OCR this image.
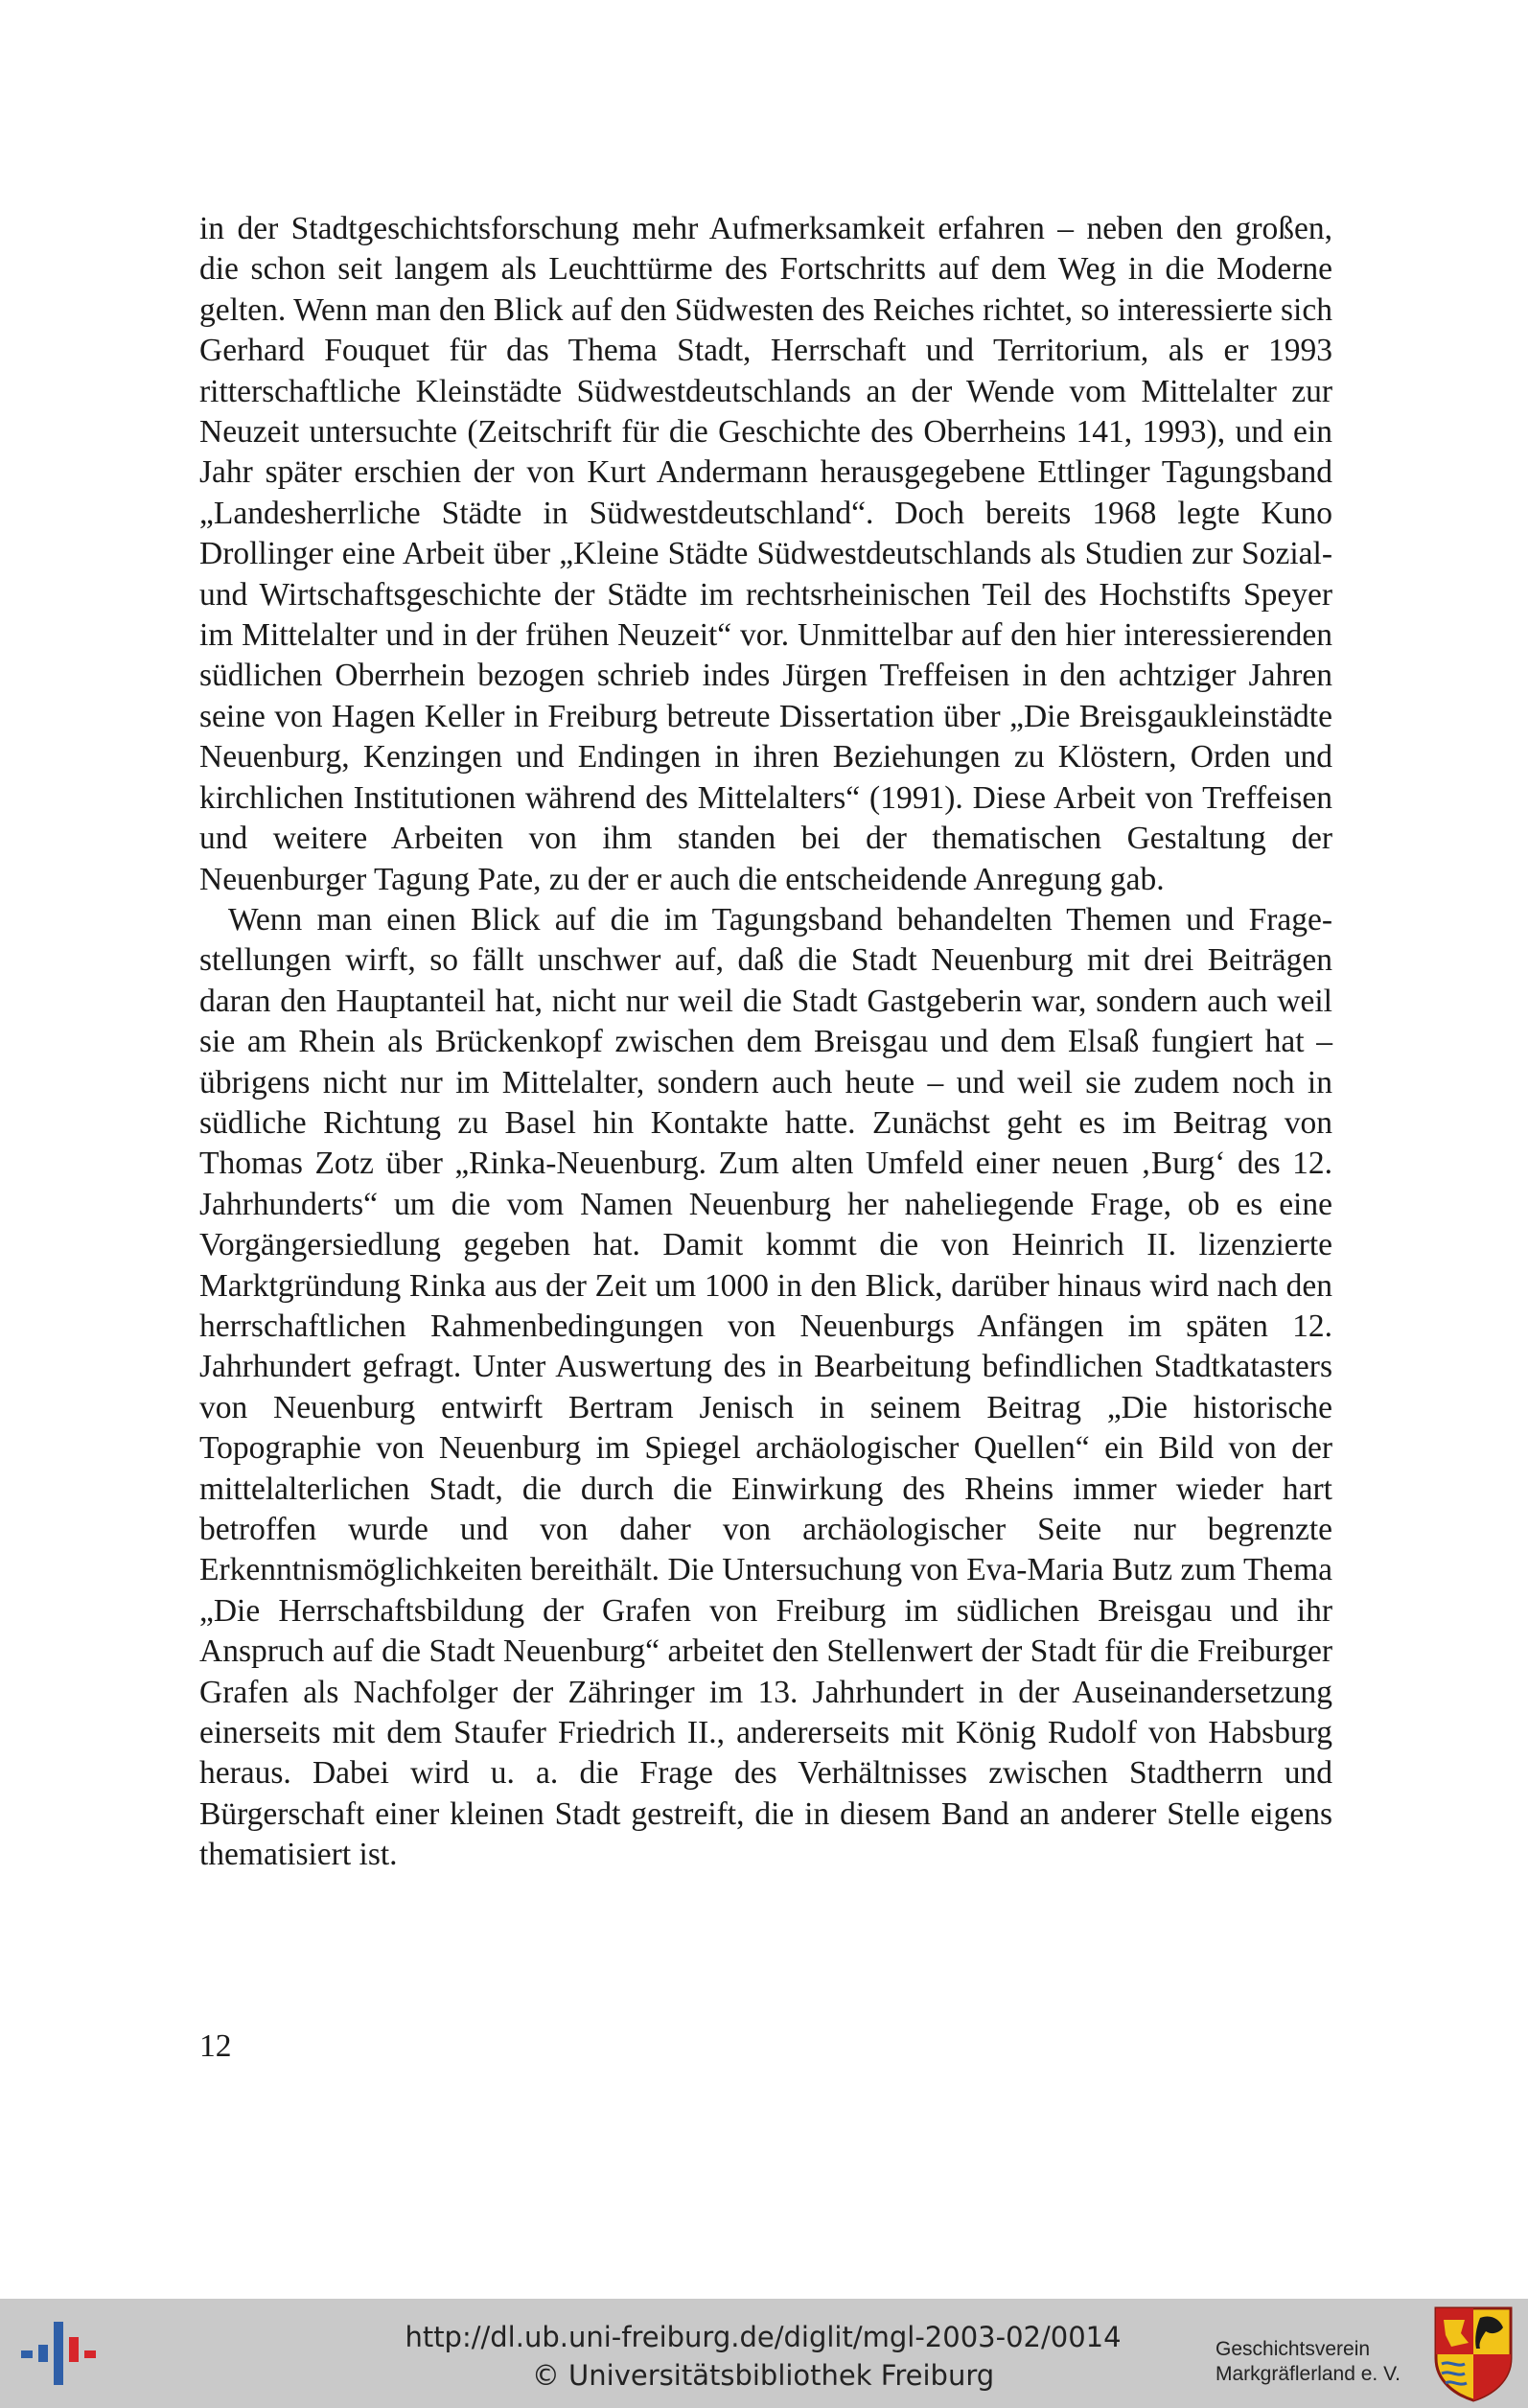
in der Stadtgeschichtsforschung mehr Aufmerksamkeit erfahren – neben den großen, die schon seit langem als Leuchttürme des Fortschritts auf dem Weg in die Moderne gelten. Wenn man den Blick auf den Südwesten des Reiches richtet, so interessierte sich Gerhard Fouquet für das Thema Stadt, Herrschaft und Territorium, als er 1993 ritterschaftliche Kleinstädte Südwestdeutschlands an der Wende vom Mittelalter zur Neuzeit untersuchte (Zeitschrift für die Geschichte des Oberrheins 141, 1993), und ein Jahr später erschien der von Kurt Andermann herausgegebene Ettlinger Tagungsband „Landesherrliche Städte in Südwestdeutschland“. Doch bereits 1968 legte Kuno Drollinger eine Arbeit über „Kleine Städte Südwestdeutschlands als Studien zur Sozial- und Wirtschaftsgeschichte der Städte im rechtsrheinischen Teil des Hochstifts Speyer im Mittelalter und in der frühen Neuzeit“ vor. Unmittelbar auf den hier interessierenden südlichen Oberrhein bezogen schrieb indes Jürgen Treffeisen in den achtziger Jahren seine von Hagen Keller in Freiburg betreute Dissertation über „Die Breisgaukleinstädte Neuenburg, Kenzingen und Endingen in ihren Beziehungen zu Klöstern, Orden und kirchlichen Institutionen während des Mittelalters“ (1991). Diese Arbeit von Treffeisen und weitere Arbeiten von ihm standen bei der thematischen Gestaltung der Neuenburger Tagung Pate, zu der er auch die entscheidende Anregung gab.

Wenn man einen Blick auf die im Tagungsband behandelten Themen und Fragestellungen wirft, so fällt unschwer auf, daß die Stadt Neuenburg mit drei Beiträgen daran den Hauptanteil hat, nicht nur weil die Stadt Gastgeberin war, sondern auch weil sie am Rhein als Brückenkopf zwischen dem Breisgau und dem Elsaß fungiert hat – übrigens nicht nur im Mittelalter, sondern auch heute – und weil sie zudem noch in südliche Richtung zu Basel hin Kontakte hatte. Zunächst geht es im Beitrag von Thomas Zotz über „Rinka-Neuenburg. Zum alten Umfeld einer neuen ‚Burg‘ des 12. Jahrhunderts“ um die vom Namen Neuenburg her naheliegende Frage, ob es eine Vorgängersiedlung gegeben hat. Damit kommt die von Heinrich II. lizenzierte Marktgründung Rinka aus der Zeit um 1000 in den Blick, darüber hinaus wird nach den herrschaftlichen Rahmenbedingungen von Neuenburgs Anfängen im späten 12. Jahrhundert gefragt. Unter Auswertung des in Bearbeitung befindlichen Stadtkatasters von Neuenburg entwirft Bertram Jenisch in seinem Beitrag „Die historische Topographie von Neuenburg im Spiegel archäologischer Quellen“ ein Bild von der mittelalterlichen Stadt, die durch die Einwirkung des Rheins immer wieder hart betroffen wurde und von daher von archäologischer Seite nur begrenzte Erkenntnismöglichkeiten bereithält. Die Untersuchung von Eva-Maria Butz zum Thema „Die Herrschaftsbildung der Grafen von Freiburg im südlichen Breisgau und ihr Anspruch auf die Stadt Neuenburg“ arbeitet den Stellenwert der Stadt für die Freiburger Grafen als Nachfolger der Zähringer im 13. Jahrhundert in der Auseinandersetzung einerseits mit dem Staufer Friedrich II., andererseits mit König Rudolf von Habsburg heraus. Dabei wird u. a. die Frage des Verhältnisses zwischen Stadtherrn und Bürgerschaft einer kleinen Stadt gestreift, die in diesem Band an anderer Stelle eigens thematisiert ist.

12
http://dl.ub.uni-freiburg.de/diglit/mgl-2003-02/0014
© Universitätsbibliothek Freiburg
Geschichtsverein
Markgräflerland e. V.
